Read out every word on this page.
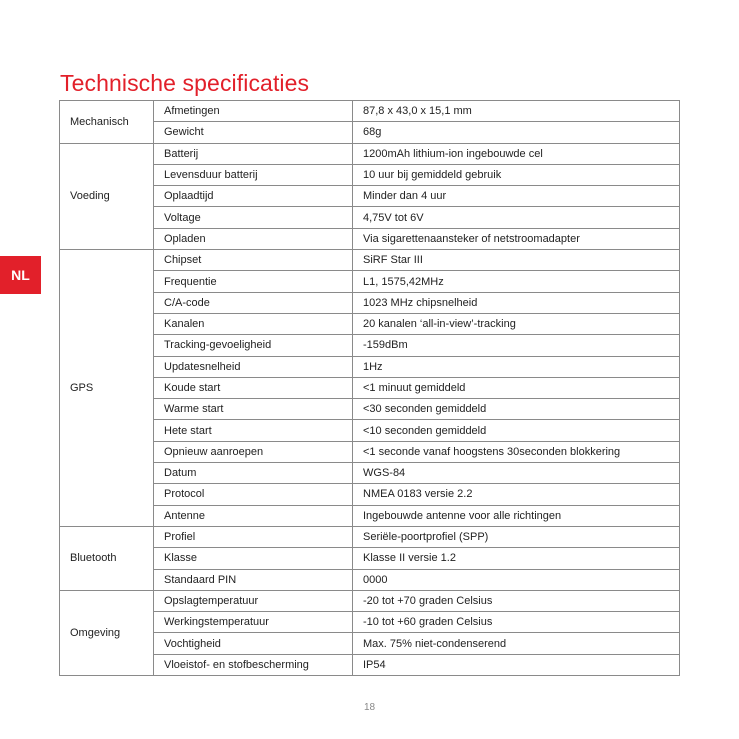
Technische specificaties
NL
Mechanisch	Afmetingen	87,8 x 43,0 x 15,1 mm
	Gewicht	68g
Voeding	Batterij	1200mAh lithium-ion ingebouwde cel
	Levensduur batterij	10 uur bij gemiddeld gebruik
	Oplaadtijd	Minder dan 4 uur
	Voltage	4,75V tot 6V
	Opladen	Via sigarettenaansteker of netstroomadapter
GPS	Chipset	SiRF Star III
	Frequentie	L1, 1575,42MHz
	C/A-code	1023 MHz chipsnelheid
	Kanalen	20 kanalen ‘all-in-view’-tracking
	Tracking-gevoeligheid	-159dBm
	Updatesnelheid	1Hz
	Koude start	<1 minuut gemiddeld
	Warme start	<30 seconden gemiddeld
	Hete start	<10 seconden gemiddeld
	Opnieuw aanroepen	<1 seconde vanaf hoogstens 30seconden blokkering
	Datum	WGS-84
	Protocol	NMEA 0183 versie 2.2
	Antenne	Ingebouwde antenne voor alle richtingen
Bluetooth	Profiel	Seriële-poortprofiel (SPP)
	Klasse	Klasse II versie 1.2
	Standaard PIN	0000
Omgeving	Opslagtemperatuur	-20 tot +70 graden Celsius
	Werkingstemperatuur	-10 tot +60 graden Celsius
	Vochtigheid	Max. 75% niet-condenserend
	Vloeistof- en stofbescherming	IP54
18
